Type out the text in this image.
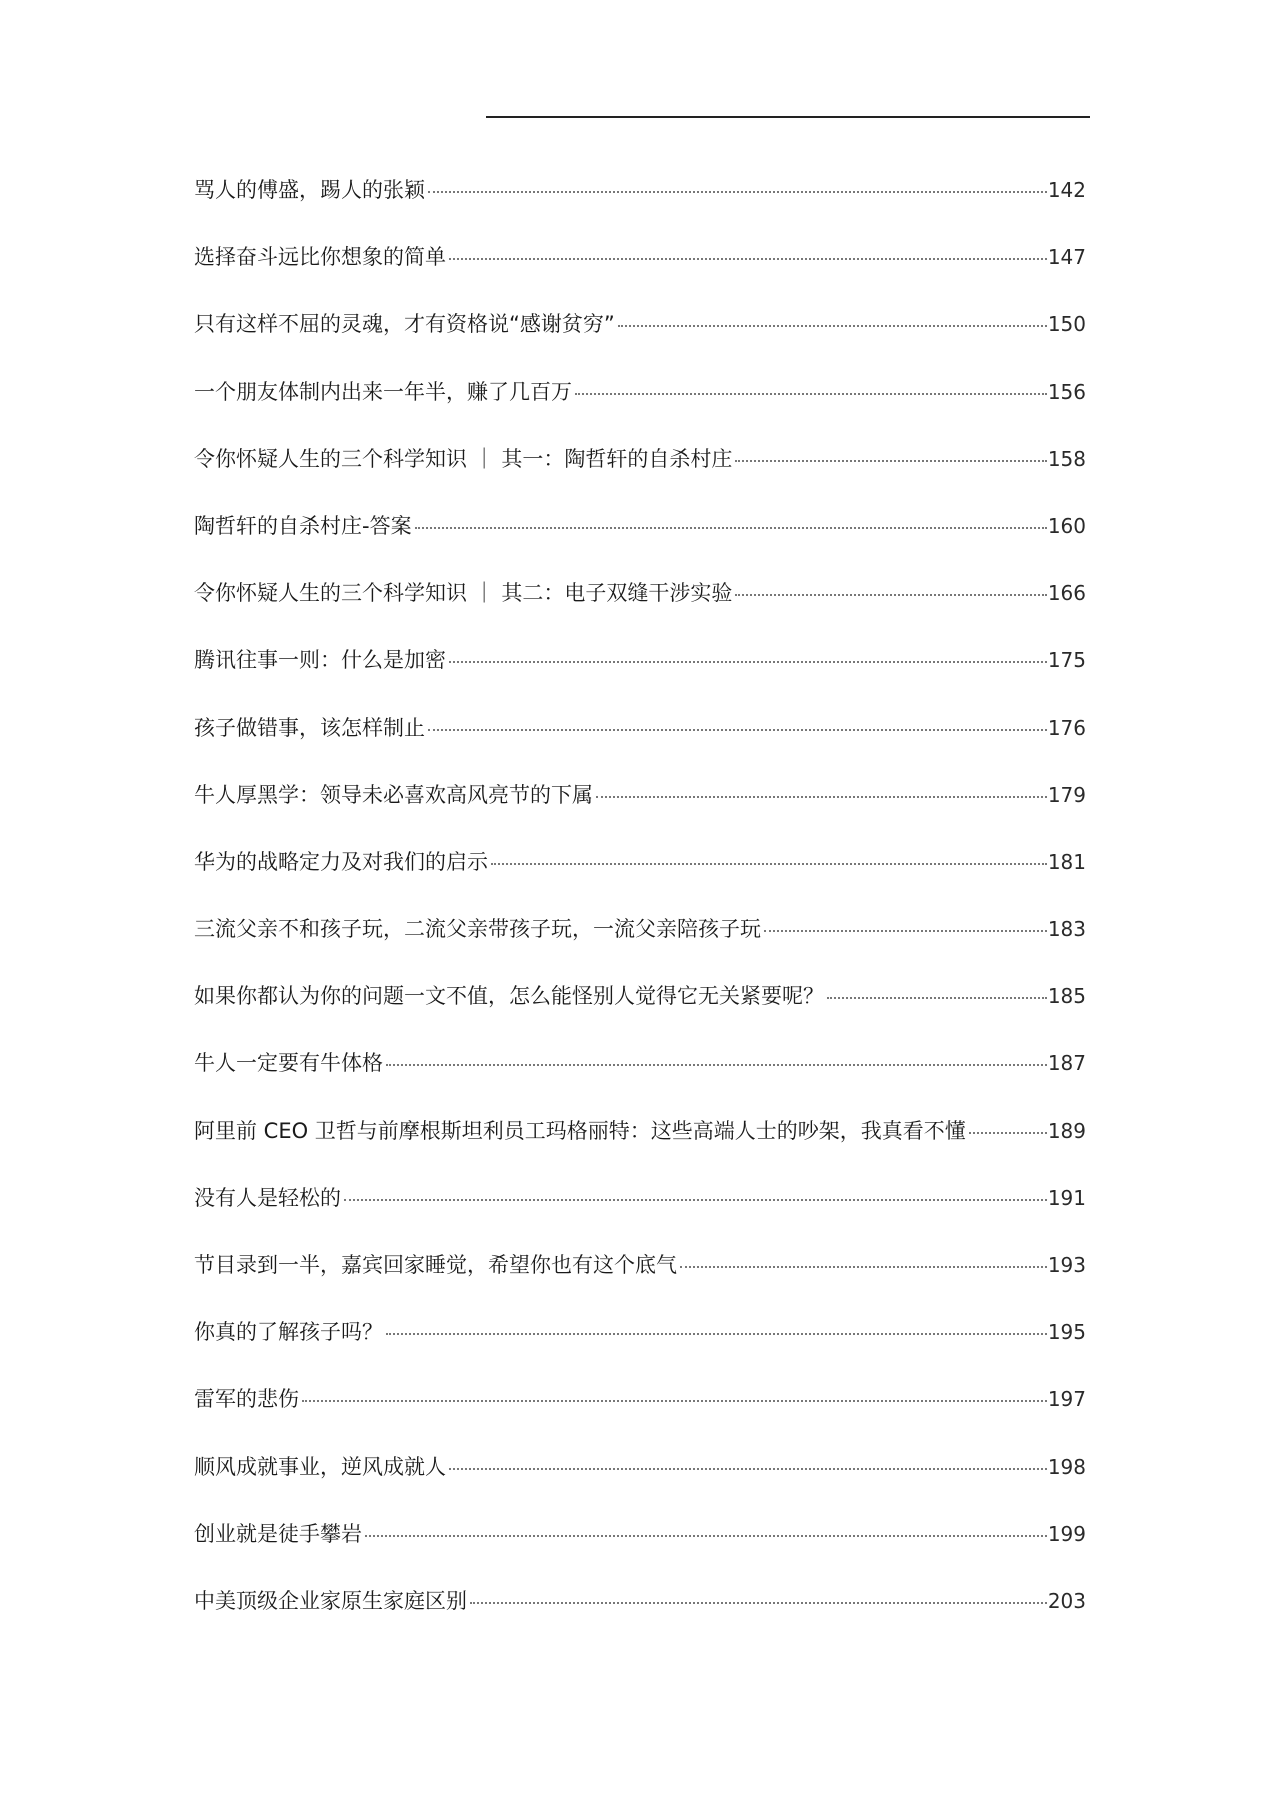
骂人的傅盛，踢人的张颖	142
选择奋斗远比你想象的简单	147
只有这样不屈的灵魂，才有资格说“感谢贫穷”	150
一个朋友体制内出来一年半，赚了几百万	156
令你怀疑人生的三个科学知识 ｜ 其一：陶哲轩的自杀村庄	158
陶哲轩的自杀村庄-答案	160
令你怀疑人生的三个科学知识 ｜ 其二：电子双缝干涉实验	166
腾讯往事一则：什么是加密	175
孩子做错事，该怎样制止	176
牛人厚黑学：领导未必喜欢高风亮节的下属	179
华为的战略定力及对我们的启示	181
三流父亲不和孩子玩，二流父亲带孩子玩，一流父亲陪孩子玩	183
如果你都认为你的问题一文不值，怎么能怪别人觉得它无关紧要呢？	185
牛人一定要有牛体格	187
阿里前 CEO 卫哲与前摩根斯坦利员工玛格丽特：这些高端人士的吵架，我真看不懂	189
没有人是轻松的	191
节目录到一半，嘉宾回家睡觉，希望你也有这个底气	193
你真的了解孩子吗？	195
雷军的悲伤	197
顺风成就事业，逆风成就人	198
创业就是徒手攀岩	199
中美顶级企业家原生家庭区别	203
